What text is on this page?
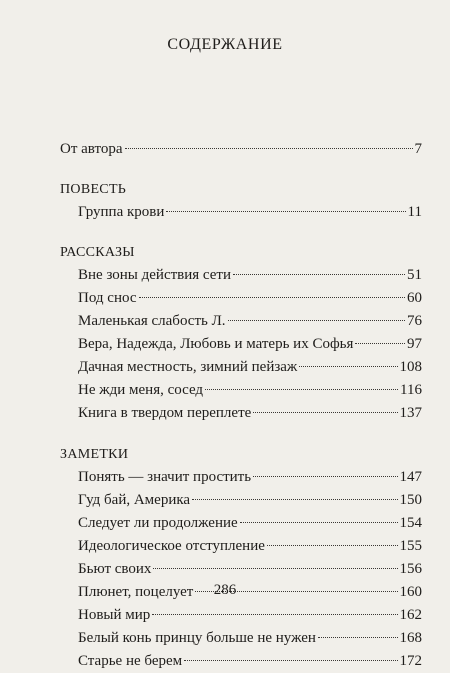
СОДЕРЖАНИЕ
От автора	7
ПОВЕСТЬ
Группа крови	11
РАССКАЗЫ
Вне зоны действия сети	51
Под снос	60
Маленькая слабость Л.	76
Вера, Надежда, Любовь и матерь их Софья	97
Дачная местность, зимний пейзаж	108
Не жди меня, сосед	116
Книга в твердом переплете	137
ЗАМЕТКИ
Понять — значит простить	147
Гуд бай, Америка	150
Следует ли продолжение	154
Идеологическое отступление	155
Бьют своих	156
Плюнет, поцелует	160
Новый мир	162
Белый конь принцу больше не нужен	168
Старье не берем	172
286
